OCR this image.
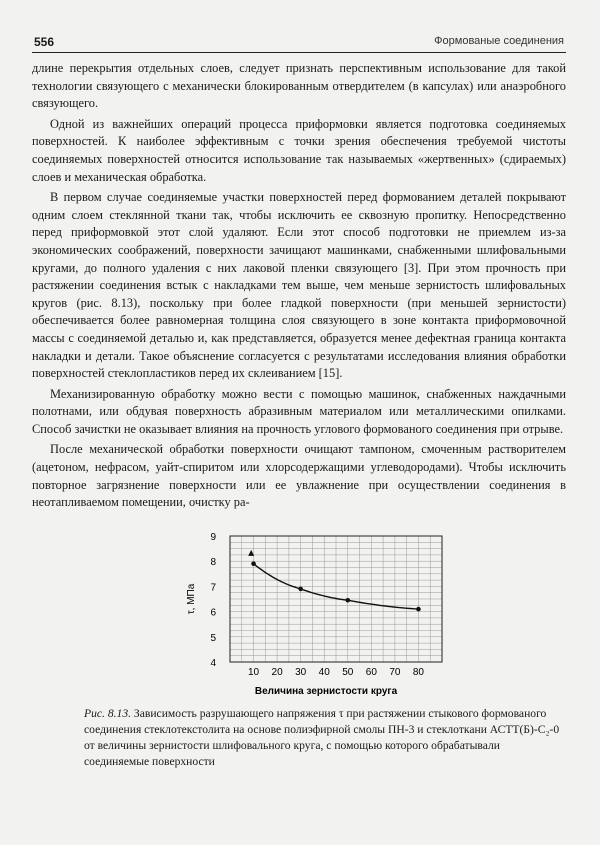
556	Формованые соединения

длине перекрытия отдельных слоев, следует признать перспективным использование для такой технологии связующего с механически блокированным отвердителем (в капсулах) или анаэробного связующего.

Одной из важнейших операций процесса приформовки является подготовка соединяемых поверхностей. К наиболее эффективным с точки зрения обеспечения требуемой чистоты соединяемых поверхностей относится использование так называемых «жертвенных» (сдираемых) слоев и механическая обработка.

В первом случае соединяемые участки поверхностей перед формованием деталей покрывают одним слоем стеклянной ткани так, чтобы исключить ее сквозную пропитку. Непосредственно перед приформовкой этот слой удаляют. Если этот способ подготовки не приемлем из-за экономических соображений, поверхности зачищают машинками, снабженными шлифовальными кругами, до полного удаления с них лаковой пленки связующего [3]. При этом прочность при растяжении соединения встык с накладками тем выше, чем меньше зернистость шлифовальных кругов (рис. 8.13), поскольку при более гладкой поверхности (при меньшей зернистости) обеспечивается более равномерная толщина слоя связующего в зоне контакта приформовочной массы с соединяемой деталью и, как представляется, образуется менее дефектная граница контакта накладки и детали. Такое объяснение согласуется с результатами исследования влияния обработки поверхностей стеклопластиков перед их склеиванием [15].

Механизированную обработку можно вести с помощью машинок, снабженных наждачными полотнами, или обдувая поверхность абразивным материалом или металлическими опилками. Способ зачистки не оказывает влияния на прочность углового формованого соединения при отрыве.

После механической обработки поверхности очищают тампоном, смоченным растворителем (ацетоном, нефрасом, уайт-спиритом или хлорсодержащими углеводородами). Чтобы исключить повторное загрязнение поверхности или ее увлажнение при осуществлении соединения в неотапливаемом помещении, очистку ра-

10 20 30 40 50 60 70 80
4
5
6
7
8
9
τ, МПа
Величина зернистости круга
Рис. 8.13. Зависимость разрушающего напряжения τ при растяжении стыкового формованого соединения стеклотекстолита на основе полиэфирной смолы ПН-3 и стеклоткани АСТТ(Б)-С₂-0 от величины зернистости шлифовального круга, с помощью которого обрабатывали соединяемые поверхности
